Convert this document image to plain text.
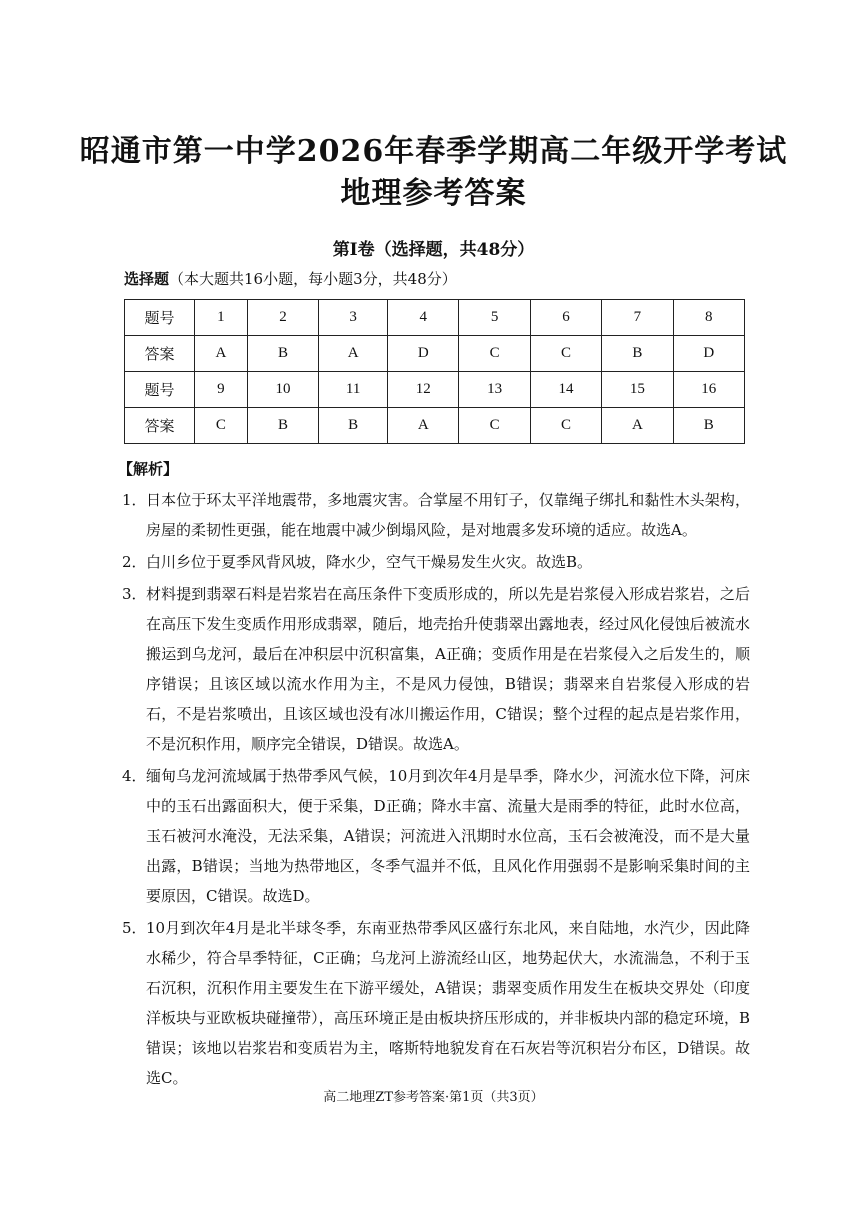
昭通市第一中学2026年春季学期高二年级开学考试
地理参考答案
第Ⅰ卷（选择题，共48分）
选择题（本大题共16小题，每小题3分，共48分）
题号	1	2	3	4	5	6	7	8
答案	A	B	A	D	C	C	B	D
题号	9	10	11	12	13	14	15	16
答案	C	B	B	A	C	C	A	B
【解析】
1． 日本位于环太平洋地震带，多地震灾害。合掌屋不用钉子，仅靠绳子绑扎和黏性木头架构，房屋的柔韧性更强，能在地震中减少倒塌风险，是对地震多发环境的适应。故选A。
2． 白川乡位于夏季风背风坡，降水少，空气干燥易发生火灾。故选B。
3． 材料提到翡翠石料是岩浆岩在高压条件下变质形成的，所以先是岩浆侵入形成岩浆岩，之后在高压下发生变质作用形成翡翠，随后，地壳抬升使翡翠出露地表，经过风化侵蚀后被流水搬运到乌龙河，最后在冲积层中沉积富集，A正确；变质作用是在岩浆侵入之后发生的，顺序错误；且该区域以流水作用为主，不是风力侵蚀，B错误；翡翠来自岩浆侵入形成的岩石，不是岩浆喷出，且该区域也没有冰川搬运作用，C错误；整个过程的起点是岩浆作用，不是沉积作用，顺序完全错误，D错误。故选A。
4． 缅甸乌龙河流域属于热带季风气候，10月到次年4月是旱季，降水少，河流水位下降，河床中的玉石出露面积大，便于采集，D正确；降水丰富、流量大是雨季的特征，此时水位高，玉石被河水淹没，无法采集，A错误；河流进入汛期时水位高，玉石会被淹没，而不是大量出露，B错误；当地为热带地区，冬季气温并不低，且风化作用强弱不是影响采集时间的主要原因，C错误。故选D。
5． 10月到次年4月是北半球冬季，东南亚热带季风区盛行东北风，来自陆地，水汽少，因此降水稀少，符合旱季特征，C正确；乌龙河上游流经山区，地势起伏大，水流湍急，不利于玉石沉积，沉积作用主要发生在下游平缓处，A错误；翡翠变质作用发生在板块交界处（印度洋板块与亚欧板块碰撞带），高压环境正是由板块挤压形成的，并非板块内部的稳定环境，B错误；该地以岩浆岩和变质岩为主，喀斯特地貌发育在石灰岩等沉积岩分布区，D错误。故选C。
高二地理ZT参考答案·第1页（共3页）
